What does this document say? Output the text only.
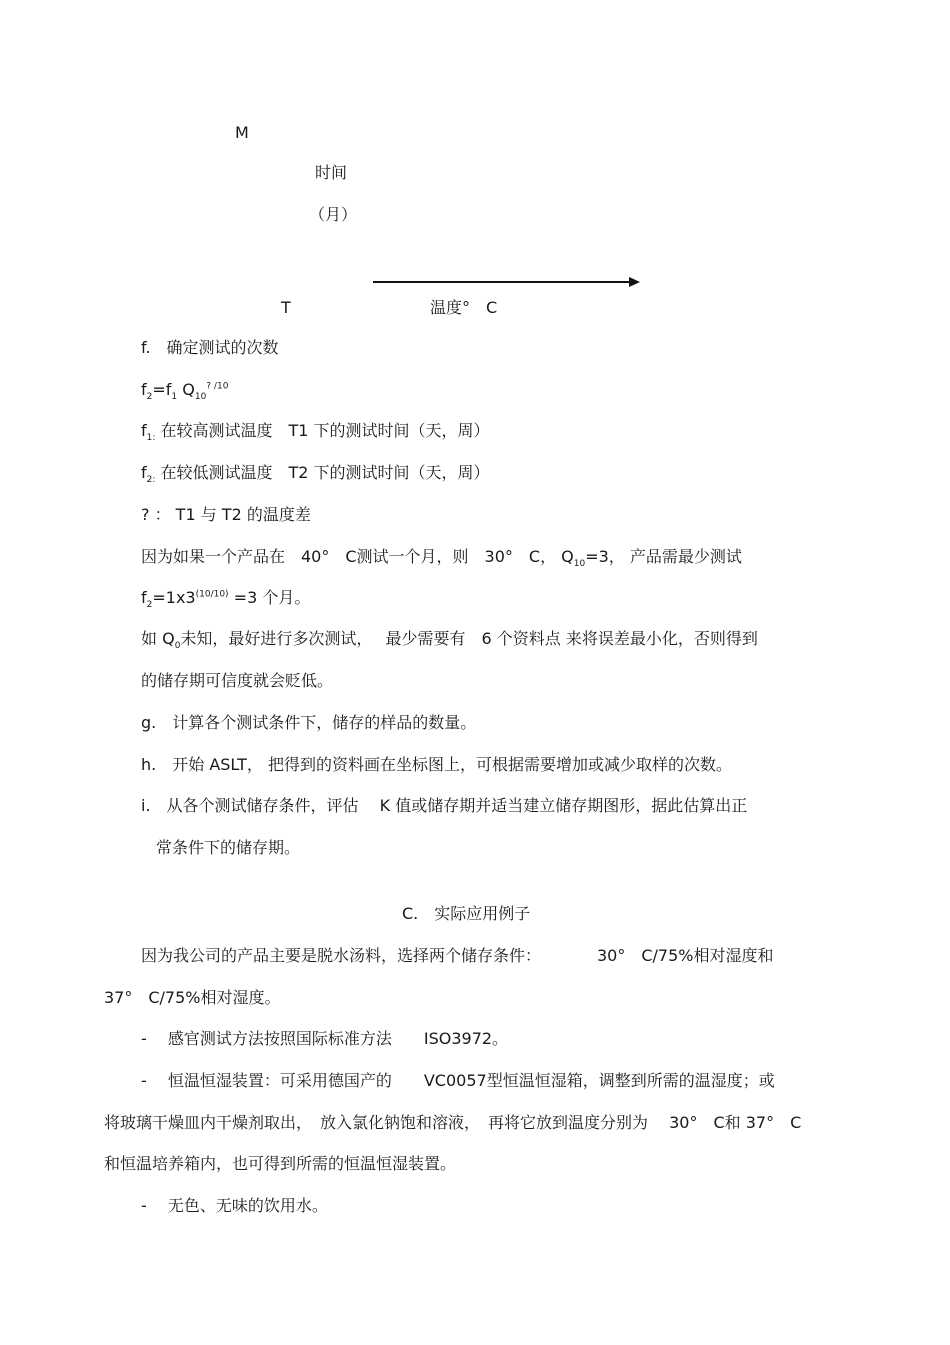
M
时间
（月）
T	温度°　C
f.　确定测试的次数
$f_2=f_1$ $Q_{10}^{? /10}$
$f_{1:}$ 在较高测试温度　T1 下的测试时间（天，周）
$f_{2:}$ 在较低测试温度　T2 下的测试时间（天，周）
? ： T1 与 T2 的温度差
因为如果一个产品在　40°　C测试一个月，则　30°　C， $Q_{10}=3$， 产品需最少测试
$f_2=1x3^{(10/10)} =3$ 个月。
如 $Q_0$未知，最好进行多次测试，　 最少需要有　6 个资料点 来将误差最小化，否则得到
的储存期可信度就会贬低。
g.　计算各个测试条件下，储存的样品的数量。
h.　开始 ASLT， 把得到的资料画在坐标图上，可根据需要增加或减少取样的次数。
i.　从各个测试储存条件，评估　 K 值或储存期并适当建立储存期图形，据此估算出正
常条件下的储存期。
C.　实际应用例子
因为我公司的产品主要是脱水汤料，选择两个储存条件：　　　　30°　C/75%相对湿度和
37°　C/75%相对湿度。
-　 感官测试方法按照国际标准方法　　ISO3972。
-　 恒温恒湿装置：可采用德国产的　　VC0057型恒温恒湿箱，调整到所需的温湿度；或
将玻璃干燥皿内干燥剂取出，　放入氯化钠饱和溶液，　再将它放到温度分别为　 30°　C和 37°　C
和恒温培养箱内，也可得到所需的恒温恒湿装置。
-　 无色、无味的饮用水。
